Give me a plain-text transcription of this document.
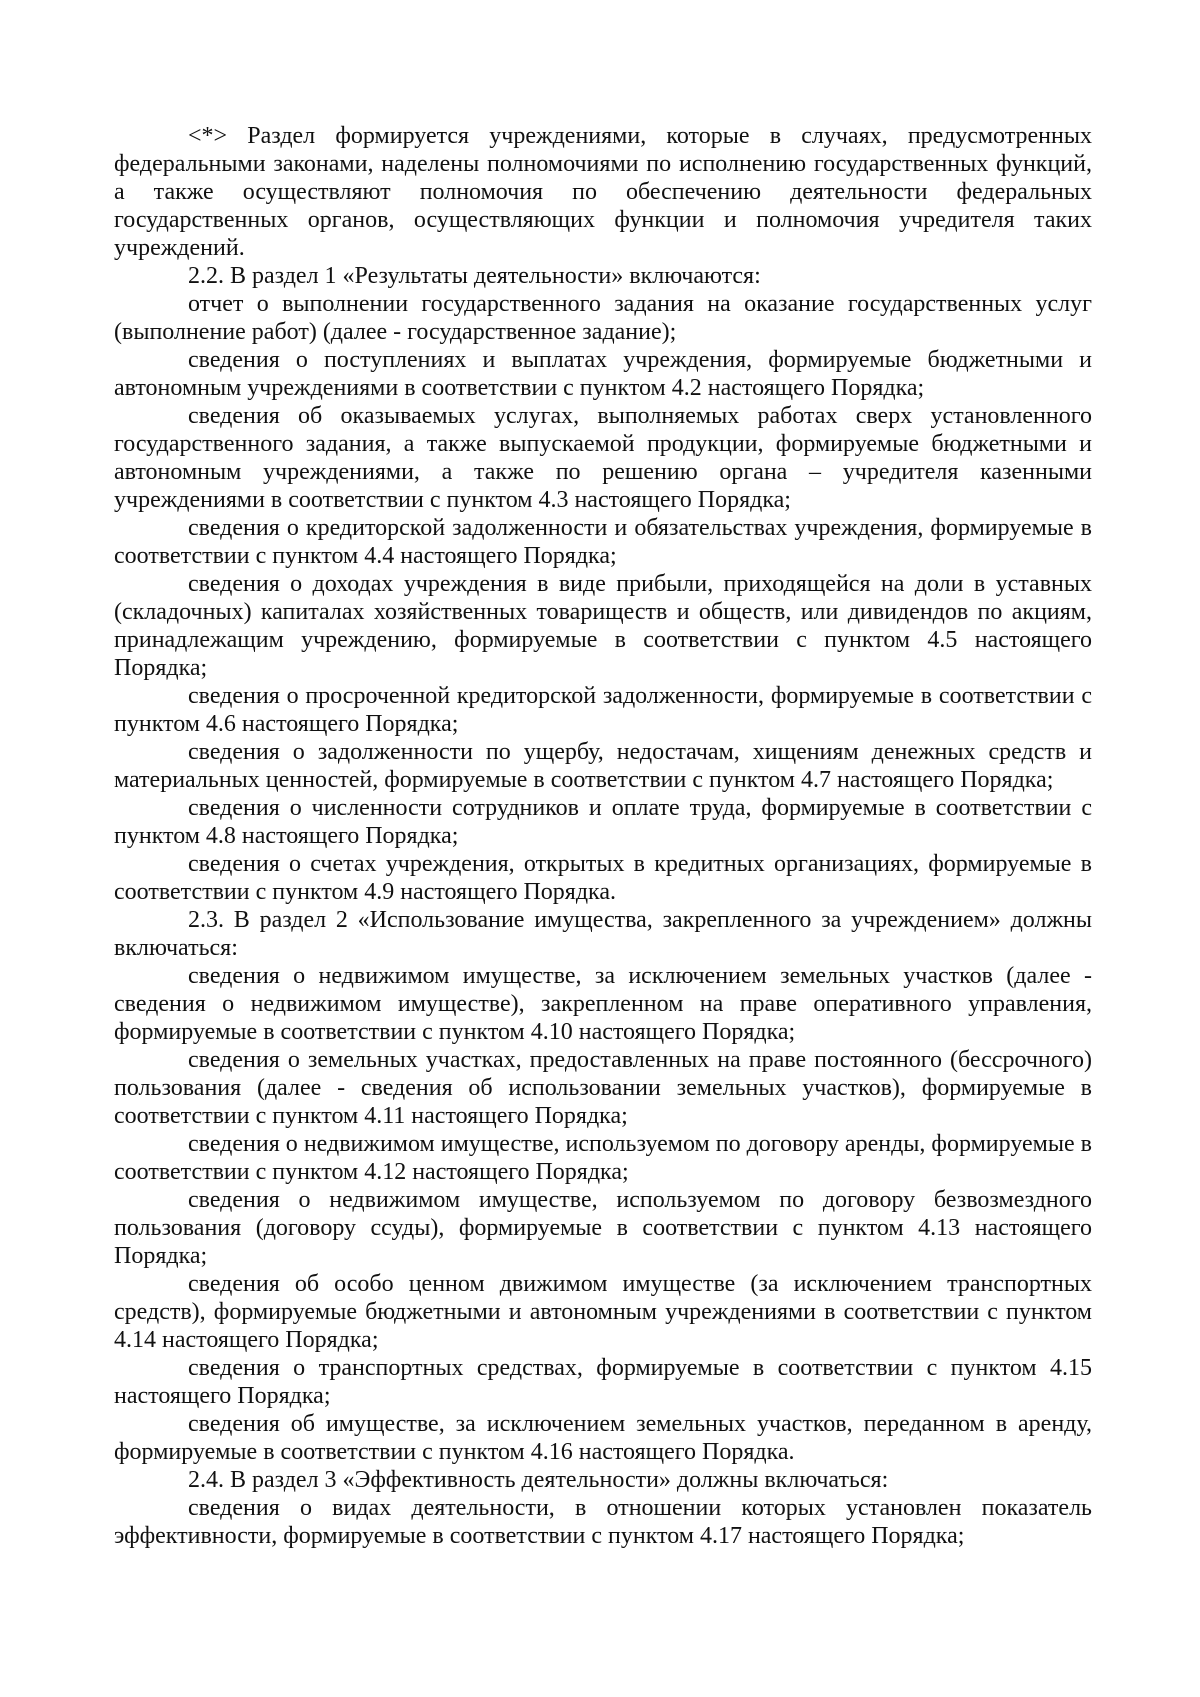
<*> Раздел формируется учреждениями, которые в случаях, предусмотренных федеральными законами, наделены полномочиями по исполнению государственных функций, а также осуществляют полномочия по обеспечению деятельности федеральных государственных органов, осуществляющих функции и полномочия учредителя таких учреждений.

2.2. В раздел 1 «Результаты деятельности» включаются:

отчет о выполнении государственного задания на оказание государственных услуг (выполнение работ) (далее - государственное задание);

сведения о поступлениях и выплатах учреждения, формируемые бюджетными и автономным учреждениями в соответствии с пунктом 4.2 настоящего Порядка;

сведения об оказываемых услугах, выполняемых работах сверх установленного государственного задания, а также выпускаемой продукции, формируемые бюджетными и автономным учреждениями, а также по решению органа – учредителя казенными учреждениями в соответствии с пунктом 4.3 настоящего Порядка;

сведения о кредиторской задолженности и обязательствах учреждения, формируемые в соответствии с пунктом 4.4 настоящего Порядка;

сведения о доходах учреждения в виде прибыли, приходящейся на доли в уставных (складочных) капиталах хозяйственных товариществ и обществ, или дивидендов по акциям, принадлежащим учреждению, формируемые в соответствии с пунктом 4.5 настоящего Порядка;

сведения о просроченной кредиторской задолженности, формируемые в соответствии с пунктом 4.6 настоящего Порядка;

сведения о задолженности по ущербу, недостачам, хищениям денежных средств и материальных ценностей, формируемые в соответствии с пунктом 4.7 настоящего Порядка;

сведения о численности сотрудников и оплате труда, формируемые в соответствии с пунктом 4.8 настоящего Порядка;

сведения о счетах учреждения, открытых в кредитных организациях, формируемые в соответствии с пунктом 4.9 настоящего Порядка.

2.3. В раздел 2 «Использование имущества, закрепленного за учреждением» должны включаться:

сведения о недвижимом имуществе, за исключением земельных участков (далее - сведения о недвижимом имуществе), закрепленном на праве оперативного управления, формируемые в соответствии с пунктом 4.10 настоящего Порядка;

сведения о земельных участках, предоставленных на праве постоянного (бессрочного) пользования (далее - сведения об использовании земельных участков), формируемые в соответствии с пунктом 4.11 настоящего Порядка;

сведения о недвижимом имуществе, используемом по договору аренды, формируемые в соответствии с пунктом 4.12 настоящего Порядка;

сведения о недвижимом имуществе, используемом по договору безвозмездного пользования (договору ссуды), формируемые в соответствии с пунктом 4.13 настоящего Порядка;

сведения об особо ценном движимом имуществе (за исключением транспортных средств), формируемые бюджетными и автономным учреждениями в соответствии с пунктом 4.14 настоящего Порядка;

сведения о транспортных средствах, формируемые в соответствии с пунктом 4.15 настоящего Порядка;

сведения об имуществе, за исключением земельных участков, переданном в аренду, формируемые в соответствии с пунктом 4.16 настоящего Порядка.

2.4. В раздел 3 «Эффективность деятельности» должны включаться:

сведения о видах деятельности, в отношении которых установлен показатель эффективности, формируемые в соответствии с пунктом 4.17 настоящего Порядка;
